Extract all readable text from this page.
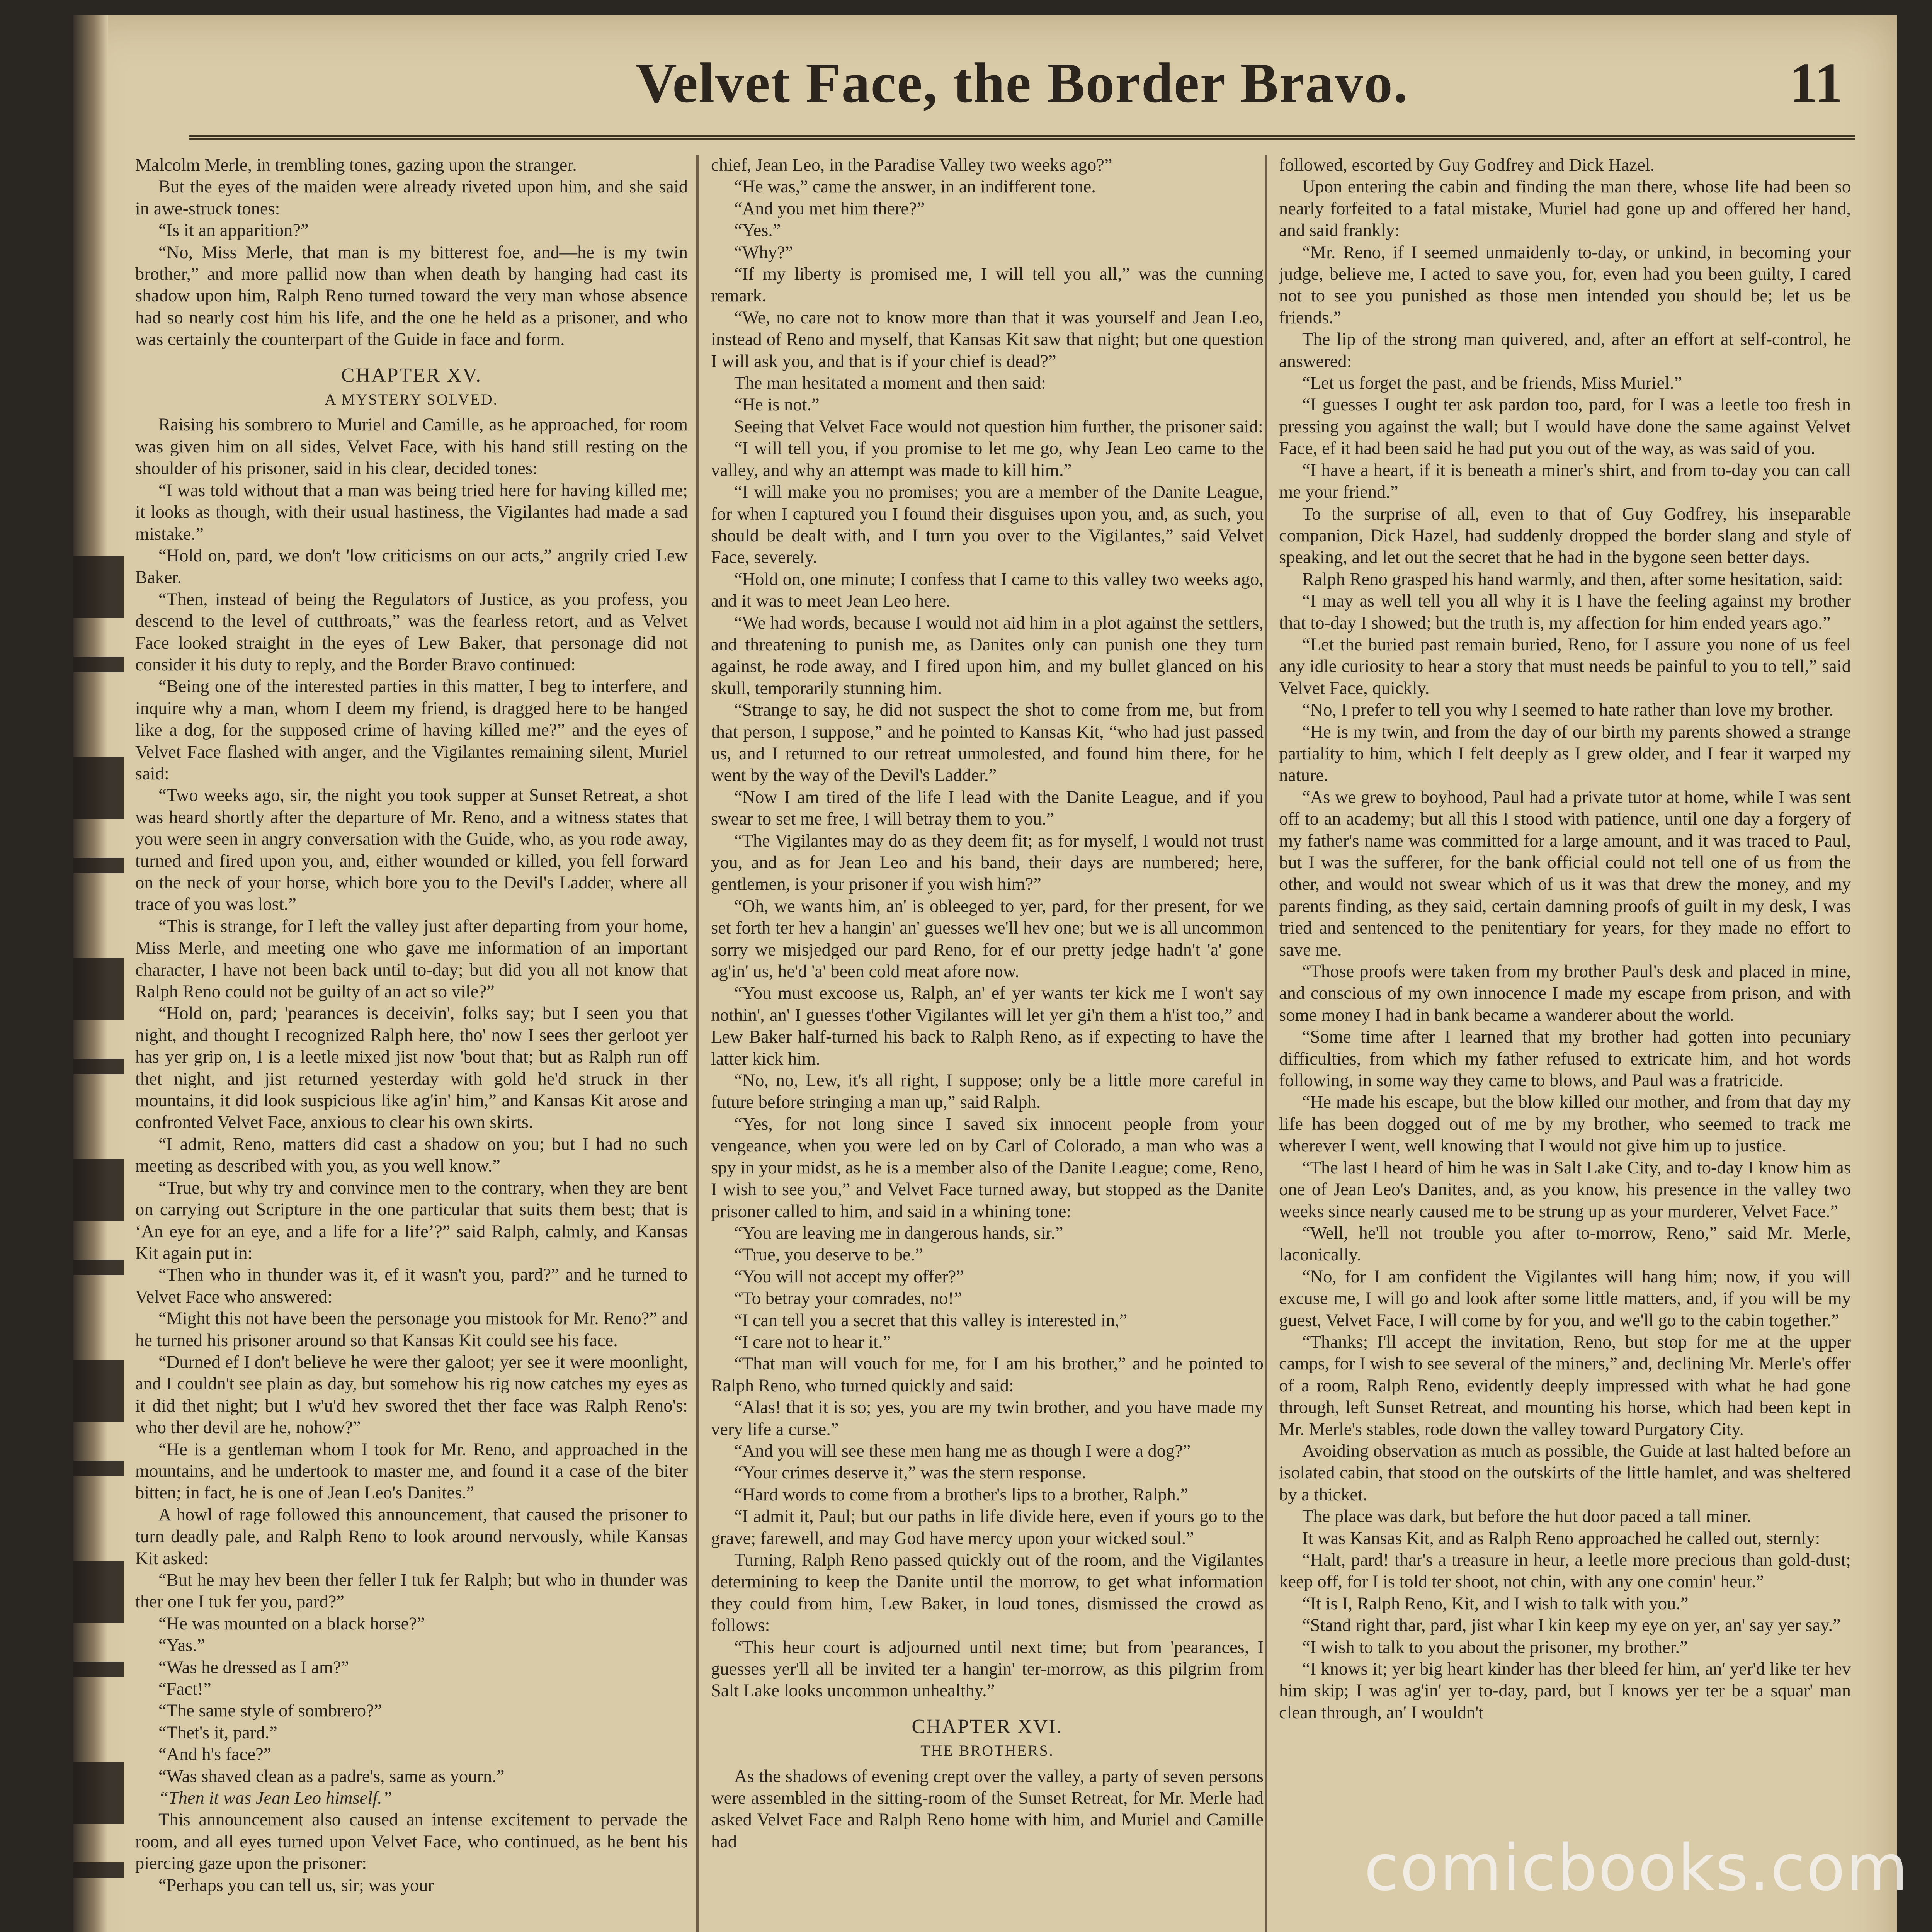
Velvet Face, the Border Bravo.	11

Malcolm Merle, in trembling tones, gazing upon the stranger.

But the eyes of the maiden were already riveted upon him, and she said in awe-struck tones:

“Is it an apparition?”

“No, Miss Merle, that man is my bitterest foe, and—he is my twin brother,” and more pallid now than when death by hanging had cast its shadow upon him, Ralph Reno turned toward the very man whose absence had so nearly cost him his life, and the one he held as a prisoner, and who was certainly the counterpart of the Guide in face and form.

CHAPTER XV.
A MYSTERY SOLVED.

Raising his sombrero to Muriel and Camille, as he approached, for room was given him on all sides, Velvet Face, with his hand still resting on the shoulder of his prisoner, said in his clear, decided tones:

“I was told without that a man was being tried here for having killed me; it looks as though, with their usual hastiness, the Vigilantes had made a sad mistake.”

“Hold on, pard, we don't 'low criticisms on our acts,” angrily cried Lew Baker.

“Then, instead of being the Regulators of Justice, as you profess, you descend to the level of cutthroats,” was the fearless retort, and as Velvet Face looked straight in the eyes of Lew Baker, that personage did not consider it his duty to reply, and the Border Bravo continued:

“Being one of the interested parties in this matter, I beg to interfere, and inquire why a man, whom I deem my friend, is dragged here to be hanged like a dog, for the supposed crime of having killed me?” and the eyes of Velvet Face flashed with anger, and the Vigilantes remaining silent, Muriel said:

“Two weeks ago, sir, the night you took supper at Sunset Retreat, a shot was heard shortly after the departure of Mr. Reno, and a witness states that you were seen in angry conversation with the Guide, who, as you rode away, turned and fired upon you, and, either wounded or killed, you fell forward on the neck of your horse, which bore you to the Devil's Ladder, where all trace of you was lost.”

“This is strange, for I left the valley just after departing from your home, Miss Merle, and meeting one who gave me information of an important character, I have not been back until to-day; but did you all not know that Ralph Reno could not be guilty of an act so vile?”

“Hold on, pard; 'pearances is deceivin', folks say; but I seen you that night, and thought I recognized Ralph here, tho' now I sees ther gerloot yer has yer grip on, I is a leetle mixed jist now 'bout that; but as Ralph run off thet night, and jist returned yesterday with gold he'd struck in ther mountains, it did look suspicious like ag'in' him,” and Kansas Kit arose and confronted Velvet Face, anxious to clear his own skirts.

“I admit, Reno, matters did cast a shadow on you; but I had no such meeting as described with you, as you well know.”

“True, but why try and convince men to the contrary, when they are bent on carrying out Scripture in the one particular that suits them best; that is ‘An eye for an eye, and a life for a life’?” said Ralph, calmly, and Kansas Kit again put in:

“Then who in thunder was it, ef it wasn't you, pard?” and he turned to Velvet Face who answered:

“Might this not have been the personage you mistook for Mr. Reno?” and he turned his prisoner around so that Kansas Kit could see his face.

“Durned ef I don't believe he were ther galoot; yer see it were moonlight, and I couldn't see plain as day, but somehow his rig now catches my eyes as it did thet night; but I w'u'd hev swored thet ther face was Ralph Reno's: who ther devil are he, nohow?”

“He is a gentleman whom I took for Mr. Reno, and approached in the mountains, and he undertook to master me, and found it a case of the biter bitten; in fact, he is one of Jean Leo's Danites.”

A howl of rage followed this announcement, that caused the prisoner to turn deadly pale, and Ralph Reno to look around nervously, while Kansas Kit asked:

“But he may hev been ther feller I tuk fer Ralph; but who in thunder was ther one I tuk fer you, pard?”

“He was mounted on a black horse?”

“Yas.”

“Was he dressed as I am?”

“Fact!”

“The same style of sombrero?”

“Thet's it, pard.”

“And h's face?”

“Was shaved clean as a padre's, same as yourn.”

“Then it was Jean Leo himself.”

This announcement also caused an intense excitement to pervade the room, and all eyes turned upon Velvet Face, who continued, as he bent his piercing gaze upon the prisoner:

“Perhaps you can tell us, sir; was your

chief, Jean Leo, in the Paradise Valley two weeks ago?”

“He was,” came the answer, in an indifferent tone.

“And you met him there?”

“Yes.”

“Why?”

“If my liberty is promised me, I will tell you all,” was the cunning remark.

“We, no care not to know more than that it was yourself and Jean Leo, instead of Reno and myself, that Kansas Kit saw that night; but one question I will ask you, and that is if your chief is dead?”

The man hesitated a moment and then said:

“He is not.”

Seeing that Velvet Face would not question him further, the prisoner said:

“I will tell you, if you promise to let me go, why Jean Leo came to the valley, and why an attempt was made to kill him.”

“I will make you no promises; you are a member of the Danite League, for when I captured you I found their disguises upon you, and, as such, you should be dealt with, and I turn you over to the Vigilantes,” said Velvet Face, severely.

“Hold on, one minute; I confess that I came to this valley two weeks ago, and it was to meet Jean Leo here.

“We had words, because I would not aid him in a plot against the settlers, and threatening to punish me, as Danites only can punish one they turn against, he rode away, and I fired upon him, and my bullet glanced on his skull, temporarily stunning him.

“Strange to say, he did not suspect the shot to come from me, but from that person, I suppose,” and he pointed to Kansas Kit, “who had just passed us, and I returned to our retreat unmolested, and found him there, for he went by the way of the Devil's Ladder.”

“Now I am tired of the life I lead with the Danite League, and if you swear to set me free, I will betray them to you.”

“The Vigilantes may do as they deem fit; as for myself, I would not trust you, and as for Jean Leo and his band, their days are numbered; here, gentlemen, is your prisoner if you wish him?”

“Oh, we wants him, an' is obleeged to yer, pard, for ther present, for we set forth ter hev a hangin' an' guesses we'll hev one; but we is all uncommon sorry we misjedged our pard Reno, for ef our pretty jedge hadn't 'a' gone ag'in' us, he'd 'a' been cold meat afore now.

“You must excoose us, Ralph, an' ef yer wants ter kick me I won't say nothin', an' I guesses t'other Vigilantes will let yer gi'n them a h'ist too,” and Lew Baker half-turned his back to Ralph Reno, as if expecting to have the latter kick him.

“No, no, Lew, it's all right, I suppose; only be a little more careful in future before stringing a man up,” said Ralph.

“Yes, for not long since I saved six innocent people from your vengeance, when you were led on by Carl of Colorado, a man who was a spy in your midst, as he is a member also of the Danite League; come, Reno, I wish to see you,” and Velvet Face turned away, but stopped as the Danite prisoner called to him, and said in a whining tone:

“You are leaving me in dangerous hands, sir.”

“True, you deserve to be.”

“You will not accept my offer?”

“To betray your comrades, no!”

“I can tell you a secret that this valley is interested in,”

“I care not to hear it.”

“That man will vouch for me, for I am his brother,” and he pointed to Ralph Reno, who turned quickly and said:

“Alas! that it is so; yes, you are my twin brother, and you have made my very life a curse.”

“And you will see these men hang me as though I were a dog?”

“Your crimes deserve it,” was the stern response.

“Hard words to come from a brother's lips to a brother, Ralph.”

“I admit it, Paul; but our paths in life divide here, even if yours go to the grave; farewell, and may God have mercy upon your wicked soul.”

Turning, Ralph Reno passed quickly out of the room, and the Vigilantes determining to keep the Danite until the morrow, to get what information they could from him, Lew Baker, in loud tones, dismissed the crowd as follows:

“This heur court is adjourned until next time; but from 'pearances, I guesses yer'll all be invited ter a hangin' ter-morrow, as this pilgrim from Salt Lake looks uncommon unhealthy.”

CHAPTER XVI.
THE BROTHERS.

As the shadows of evening crept over the valley, a party of seven persons were assembled in the sitting-room of the Sunset Retreat, for Mr. Merle had asked Velvet Face and Ralph Reno home with him, and Muriel and Camille had

followed, escorted by Guy Godfrey and Dick Hazel.

Upon entering the cabin and finding the man there, whose life had been so nearly forfeited to a fatal mistake, Muriel had gone up and offered her hand, and said frankly:

“Mr. Reno, if I seemed unmaidenly to-day, or unkind, in becoming your judge, believe me, I acted to save you, for, even had you been guilty, I cared not to see you punished as those men intended you should be; let us be friends.”

The lip of the strong man quivered, and, after an effort at self-control, he answered:

“Let us forget the past, and be friends, Miss Muriel.”

“I guesses I ought ter ask pardon too, pard, for I was a leetle too fresh in pressing you against the wall; but I would have done the same against Velvet Face, ef it had been said he had put you out of the way, as was said of you.

“I have a heart, if it is beneath a miner's shirt, and from to-day you can call me your friend.”

To the surprise of all, even to that of Guy Godfrey, his inseparable companion, Dick Hazel, had suddenly dropped the border slang and style of speaking, and let out the secret that he had in the bygone seen better days.

Ralph Reno grasped his hand warmly, and then, after some hesitation, said:

“I may as well tell you all why it is I have the feeling against my brother that to-day I showed; but the truth is, my affection for him ended years ago.”

“Let the buried past remain buried, Reno, for I assure you none of us feel any idle curiosity to hear a story that must needs be painful to you to tell,” said Velvet Face, quickly.

“No, I prefer to tell you why I seemed to hate rather than love my brother.

“He is my twin, and from the day of our birth my parents showed a strange partiality to him, which I felt deeply as I grew older, and I fear it warped my nature.

“As we grew to boyhood, Paul had a private tutor at home, while I was sent off to an academy; but all this I stood with patience, until one day a forgery of my father's name was committed for a large amount, and it was traced to Paul, but I was the sufferer, for the bank official could not tell one of us from the other, and would not swear which of us it was that drew the money, and my parents finding, as they said, certain damning proofs of guilt in my desk, I was tried and sentenced to the penitentiary for years, for they made no effort to save me.

“Those proofs were taken from my brother Paul's desk and placed in mine, and conscious of my own innocence I made my escape from prison, and with some money I had in bank became a wanderer about the world.

“Some time after I learned that my brother had gotten into pecuniary difficulties, from which my father refused to extricate him, and hot words following, in some way they came to blows, and Paul was a fratricide.

“He made his escape, but the blow killed our mother, and from that day my life has been dogged out of me by my brother, who seemed to track me wherever I went, well knowing that I would not give him up to justice.

“The last I heard of him he was in Salt Lake City, and to-day I know him as one of Jean Leo's Danites, and, as you know, his presence in the valley two weeks since nearly caused me to be strung up as your murderer, Velvet Face.”

“Well, he'll not trouble you after to-morrow, Reno,” said Mr. Merle, laconically.

“No, for I am confident the Vigilantes will hang him; now, if you will excuse me, I will go and look after some little matters, and, if you will be my guest, Velvet Face, I will come by for you, and we'll go to the cabin together.”

“Thanks; I'll accept the invitation, Reno, but stop for me at the upper camps, for I wish to see several of the miners,” and, declining Mr. Merle's offer of a room, Ralph Reno, evidently deeply impressed with what he had gone through, left Sunset Retreat, and mounting his horse, which had been kept in Mr. Merle's stables, rode down the valley toward Purgatory City.

Avoiding observation as much as possible, the Guide at last halted before an isolated cabin, that stood on the outskirts of the little hamlet, and was sheltered by a thicket.

The place was dark, but before the hut door paced a tall miner.

It was Kansas Kit, and as Ralph Reno approached he called out, sternly:

“Halt, pard! thar's a treasure in heur, a leetle more precious than gold-dust; keep off, for I is told ter shoot, not chin, with any one comin' heur.”

“It is I, Ralph Reno, Kit, and I wish to talk with you.”

“Stand right thar, pard, jist whar I kin keep my eye on yer, an' say yer say.”

“I wish to talk to you about the prisoner, my brother.”

“I knows it; yer big heart kinder has ther bleed fer him, an' yer'd like ter hev him skip; I was ag'in' yer to-day, pard, but I knows yer ter be a squar' man clean through, an' I wouldn't

comicbooks.com
